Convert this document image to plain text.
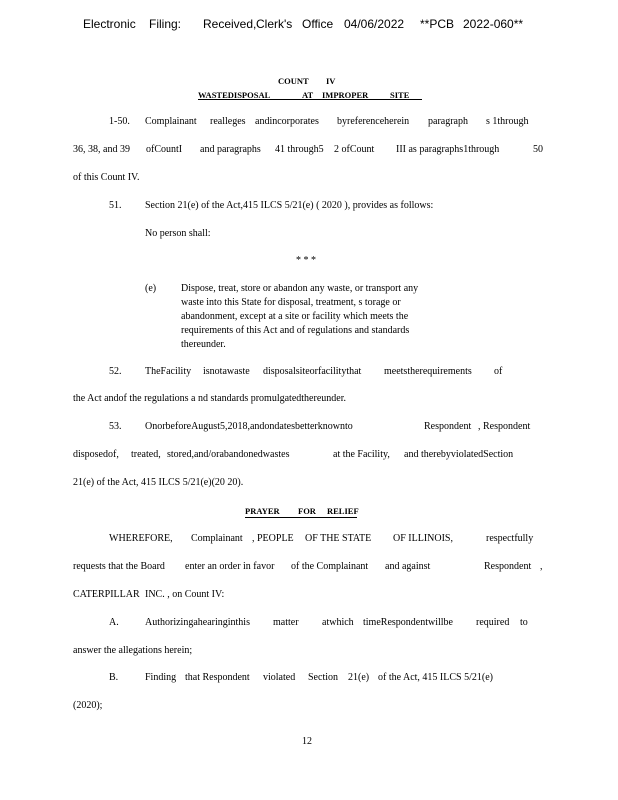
Electronic Filing: Received, Clerk's Office 04/06/2022 **PCB 2022-060**
COUNT IV
WASTEDISPOSAL	AT IMPROPER	SITE
1-50. Complainant realleges andincorporates byreferenceherein paragraph s 1through
36, 38, and 39 ofCountI and paragraphs 41 through5 2 ofCount III as paragraphs1through	50
of this Count IV.
51. Section 21(e) of the Act,415 ILCS 5/21(e) ( 2020 ), provides as follows:
No person shall:
* * *
(e) Dispose, treat, store or abandon any waste, or transport any
waste into this State for disposal, treatment, s torage or
abandonment, except at a site or facility which meets the
requirements of this Act and of regulations and standards
thereunder.
52. TheFacility isnotawaste disposalsiteorfacilitythat meetstherequirements of
the Act andof the regulations a nd standards promulgatedthereunder.
53. OnorbeforeAugust5,2018,andondatesbetterknownto	Respondent , Respondent
disposedof, treated, stored,and/orabandonedwastes	at the Facility, and therebyviolatedSection
21(e) of the Act, 415 ILCS 5/21(e)(20 20).
PRAYER FOR RELIEF
WHEREFORE, Complainant , PEOPLE OF THE STATE OF ILLINOIS,	respectfully
requests that the Board enter an order in favor of the Complainant and against	Respondent ,
CATERPILLAR INC. , on Count IV:
A.	Authorizingahearinginthis matter atwhich timeRespondentwillbe required to
answer the allegations herein;
B.	Finding that Respondent violated Section 21(e) of the Act, 415 ILCS 5/21(e)
(2020);
12
